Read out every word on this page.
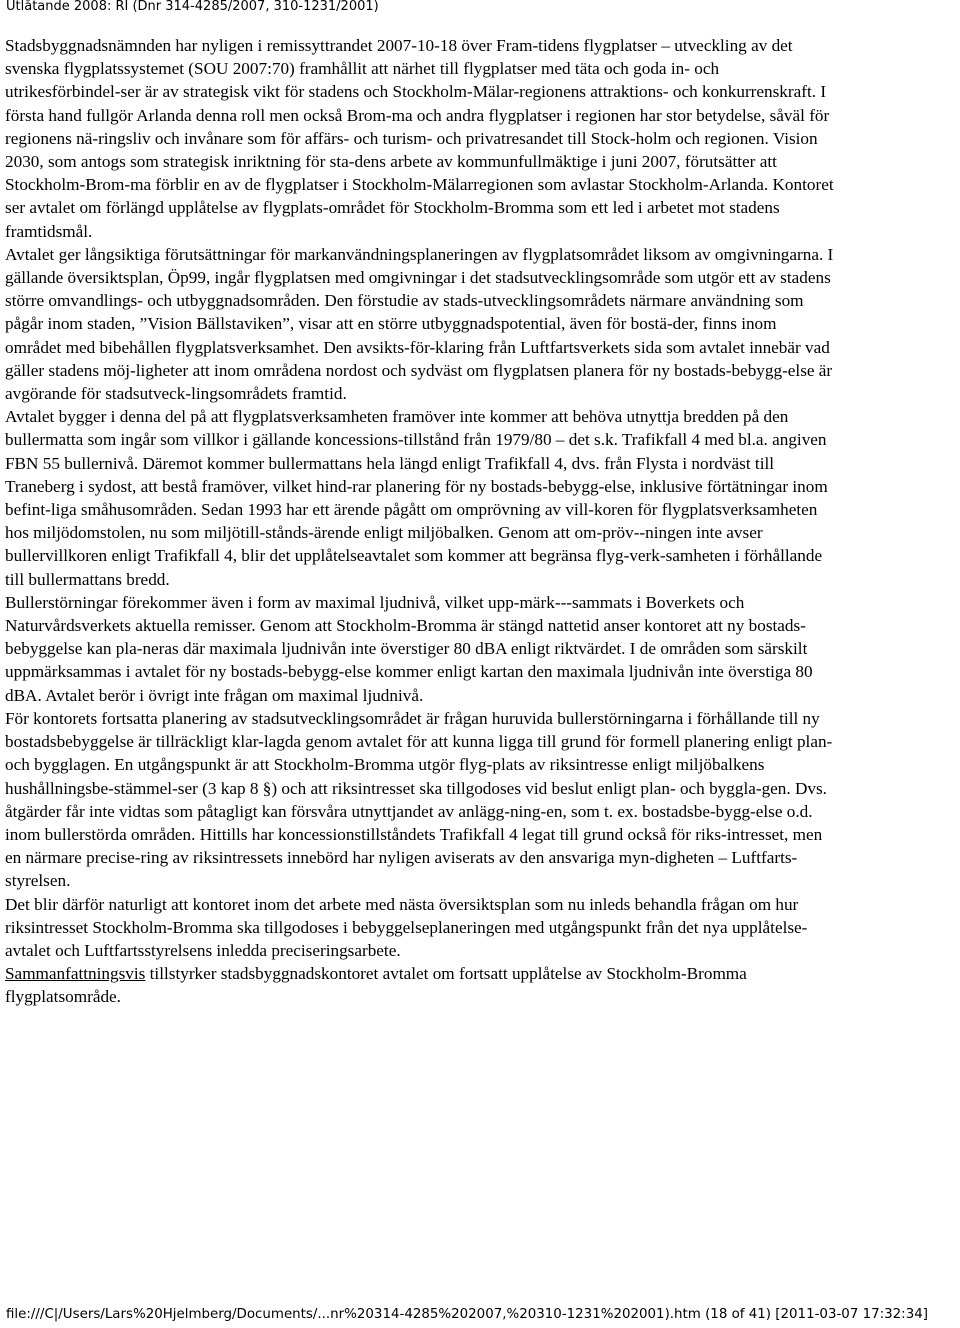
Utlåtande 2008: RI (Dnr 314-4285/2007, 310-1231/2001)

Stadsbyggnadsnämnden har nyligen i remissyttrandet 2007-10-18 över Fram-tidens flygplatser – utveckling av det svenska flygplatssystemet (SOU 2007:70) framhållit att närhet till flygplatser med täta och goda in- och utrikesförbindel-ser är av strategisk vikt för stadens och Stockholm-Mälar-regionens attraktions- och konkurrenskraft. I första hand fullgör Arlanda denna roll men också Brom-ma och andra flygplatser i regionen har stor betydelse, såväl för regionens nä-ringsliv och invånare som för affärs- och turism- och privatresandet till Stock-holm och regionen. Vision 2030, som antogs som strategisk inriktning för sta-dens arbete av kommunfullmäktige i juni 2007, förutsätter att Stockholm-Brom-ma förblir en av de flygplatser i Stockholm-Mälarregionen som avlastar Stockholm-Arlanda. Kontoret ser avtalet om förlängd upplåtelse av flygplats-området för Stockholm-Bromma som ett led i arbetet mot stadens framtidsmål.

Avtalet ger långsiktiga förutsättningar för markanvändningsplaneringen av flygplatsområdet liksom av omgivningarna. I gällande översiktsplan, Öp99, ingår flygplatsen med omgivningar i det stadsutvecklingsområde som utgör ett av stadens större omvandlings- och utbyggnadsområden. Den förstudie av stads-utvecklingsområdets närmare användning som pågår inom staden, ”Vision Bällstaviken”, visar att en större utbyggnadspotential, även för bostä-der, finns inom området med bibehållen flygplatsverksamhet. Den avsikts-för-klaring från Luftfartsverkets sida som avtalet innebär vad gäller stadens möj-ligheter att inom områdena nordost och sydväst om flygplatsen planera för ny bostads-bebygg-else är avgörande för stadsutveck-lingsområdets framtid.

Avtalet bygger i denna del på att flygplatsverksamheten framöver inte kommer att behöva utnyttja bredden på den bullermatta som ingår som villkor i gällande koncessions-tillstånd från 1979/80 – det s.k. Trafikfall 4 med bl.a. angiven FBN 55 bullernivå. Däremot kommer bullermattans hela längd enligt Trafikfall 4, dvs. från Flysta i nordväst till Traneberg i sydost, att bestå framöver, vilket hind-rar planering för ny bostads-bebygg-else, inklusive förtätningar inom befint-liga småhusområden. Sedan 1993 har ett ärende pågått om omprövning av vill-koren för flygplatsverksamheten hos miljödomstolen, nu som miljötill-stånds-ärende enligt miljöbalken. Genom att om-pröv--ningen inte avser bullervillkoren enligt Trafikfall 4, blir det upplåtelseavtalet som kommer att begränsa flyg-verk-samheten i förhållande till bullermattans bredd.

Bullerstörningar förekommer även i form av maximal ljudnivå, vilket upp-märk---sammats i Boverkets och Naturvårdsverkets aktuella remisser. Genom att Stockholm-Bromma är stängd nattetid anser kontoret att ny bostads-bebyggelse kan pla-neras där maximala ljudnivån inte överstiger 80 dBA enligt riktvärdet. I de områden som särskilt uppmärksammas i avtalet för ny bostads-bebygg-else kommer enligt kartan den maximala ljudnivån inte överstiga 80 dBA. Avtalet berör i övrigt inte frågan om maximal ljudnivå.

För kontorets fortsatta planering av stadsutvecklingsområdet är frågan huruvida bullerstörningarna i förhållande till ny bostadsbebyggelse är tillräckligt klar-lagda genom avtalet för att kunna ligga till grund för formell planering enligt plan- och bygglagen. En utgångspunkt är att Stockholm-Bromma utgör flyg-plats av riksintresse enligt miljöbalkens hushållningsbe-stämmel-ser (3 kap 8 §) och att riksintresset ska tillgodoses vid beslut enligt plan- och byggla-gen. Dvs. åtgärder får inte vidtas som påtagligt kan försvåra utnyttjandet av anlägg-ning-en, som t. ex. bostadsbe-bygg-else o.d. inom bullerstörda områden. Hittills har koncessionstillståndets Trafikfall 4 legat till grund också för riks-intresset, men en närmare precise-ring av riksintressets innebörd har nyligen aviserats av den ansvariga myn-digheten – Luftfarts-styrelsen.

Det blir därför naturligt att kontoret inom det arbete med nästa översiktsplan som nu inleds behandla frågan om hur riksintresset Stockholm-Bromma ska tillgodoses i bebyggelseplaneringen med utgångspunkt från det nya upplåtelse-avtalet och Luftfartsstyrelsens inledda preciseringsarbete.

Sammanfattningsvis tillstyrker stadsbyggnadskontoret avtalet om fortsatt upplåtelse av Stockholm-Bromma flygplatsområde.

file:///C|/Users/Lars%20Hjelmberg/Documents/...nr%20314-4285%202007,%20310-1231%202001).htm (18 of 41) [2011-03-07 17:32:34]
